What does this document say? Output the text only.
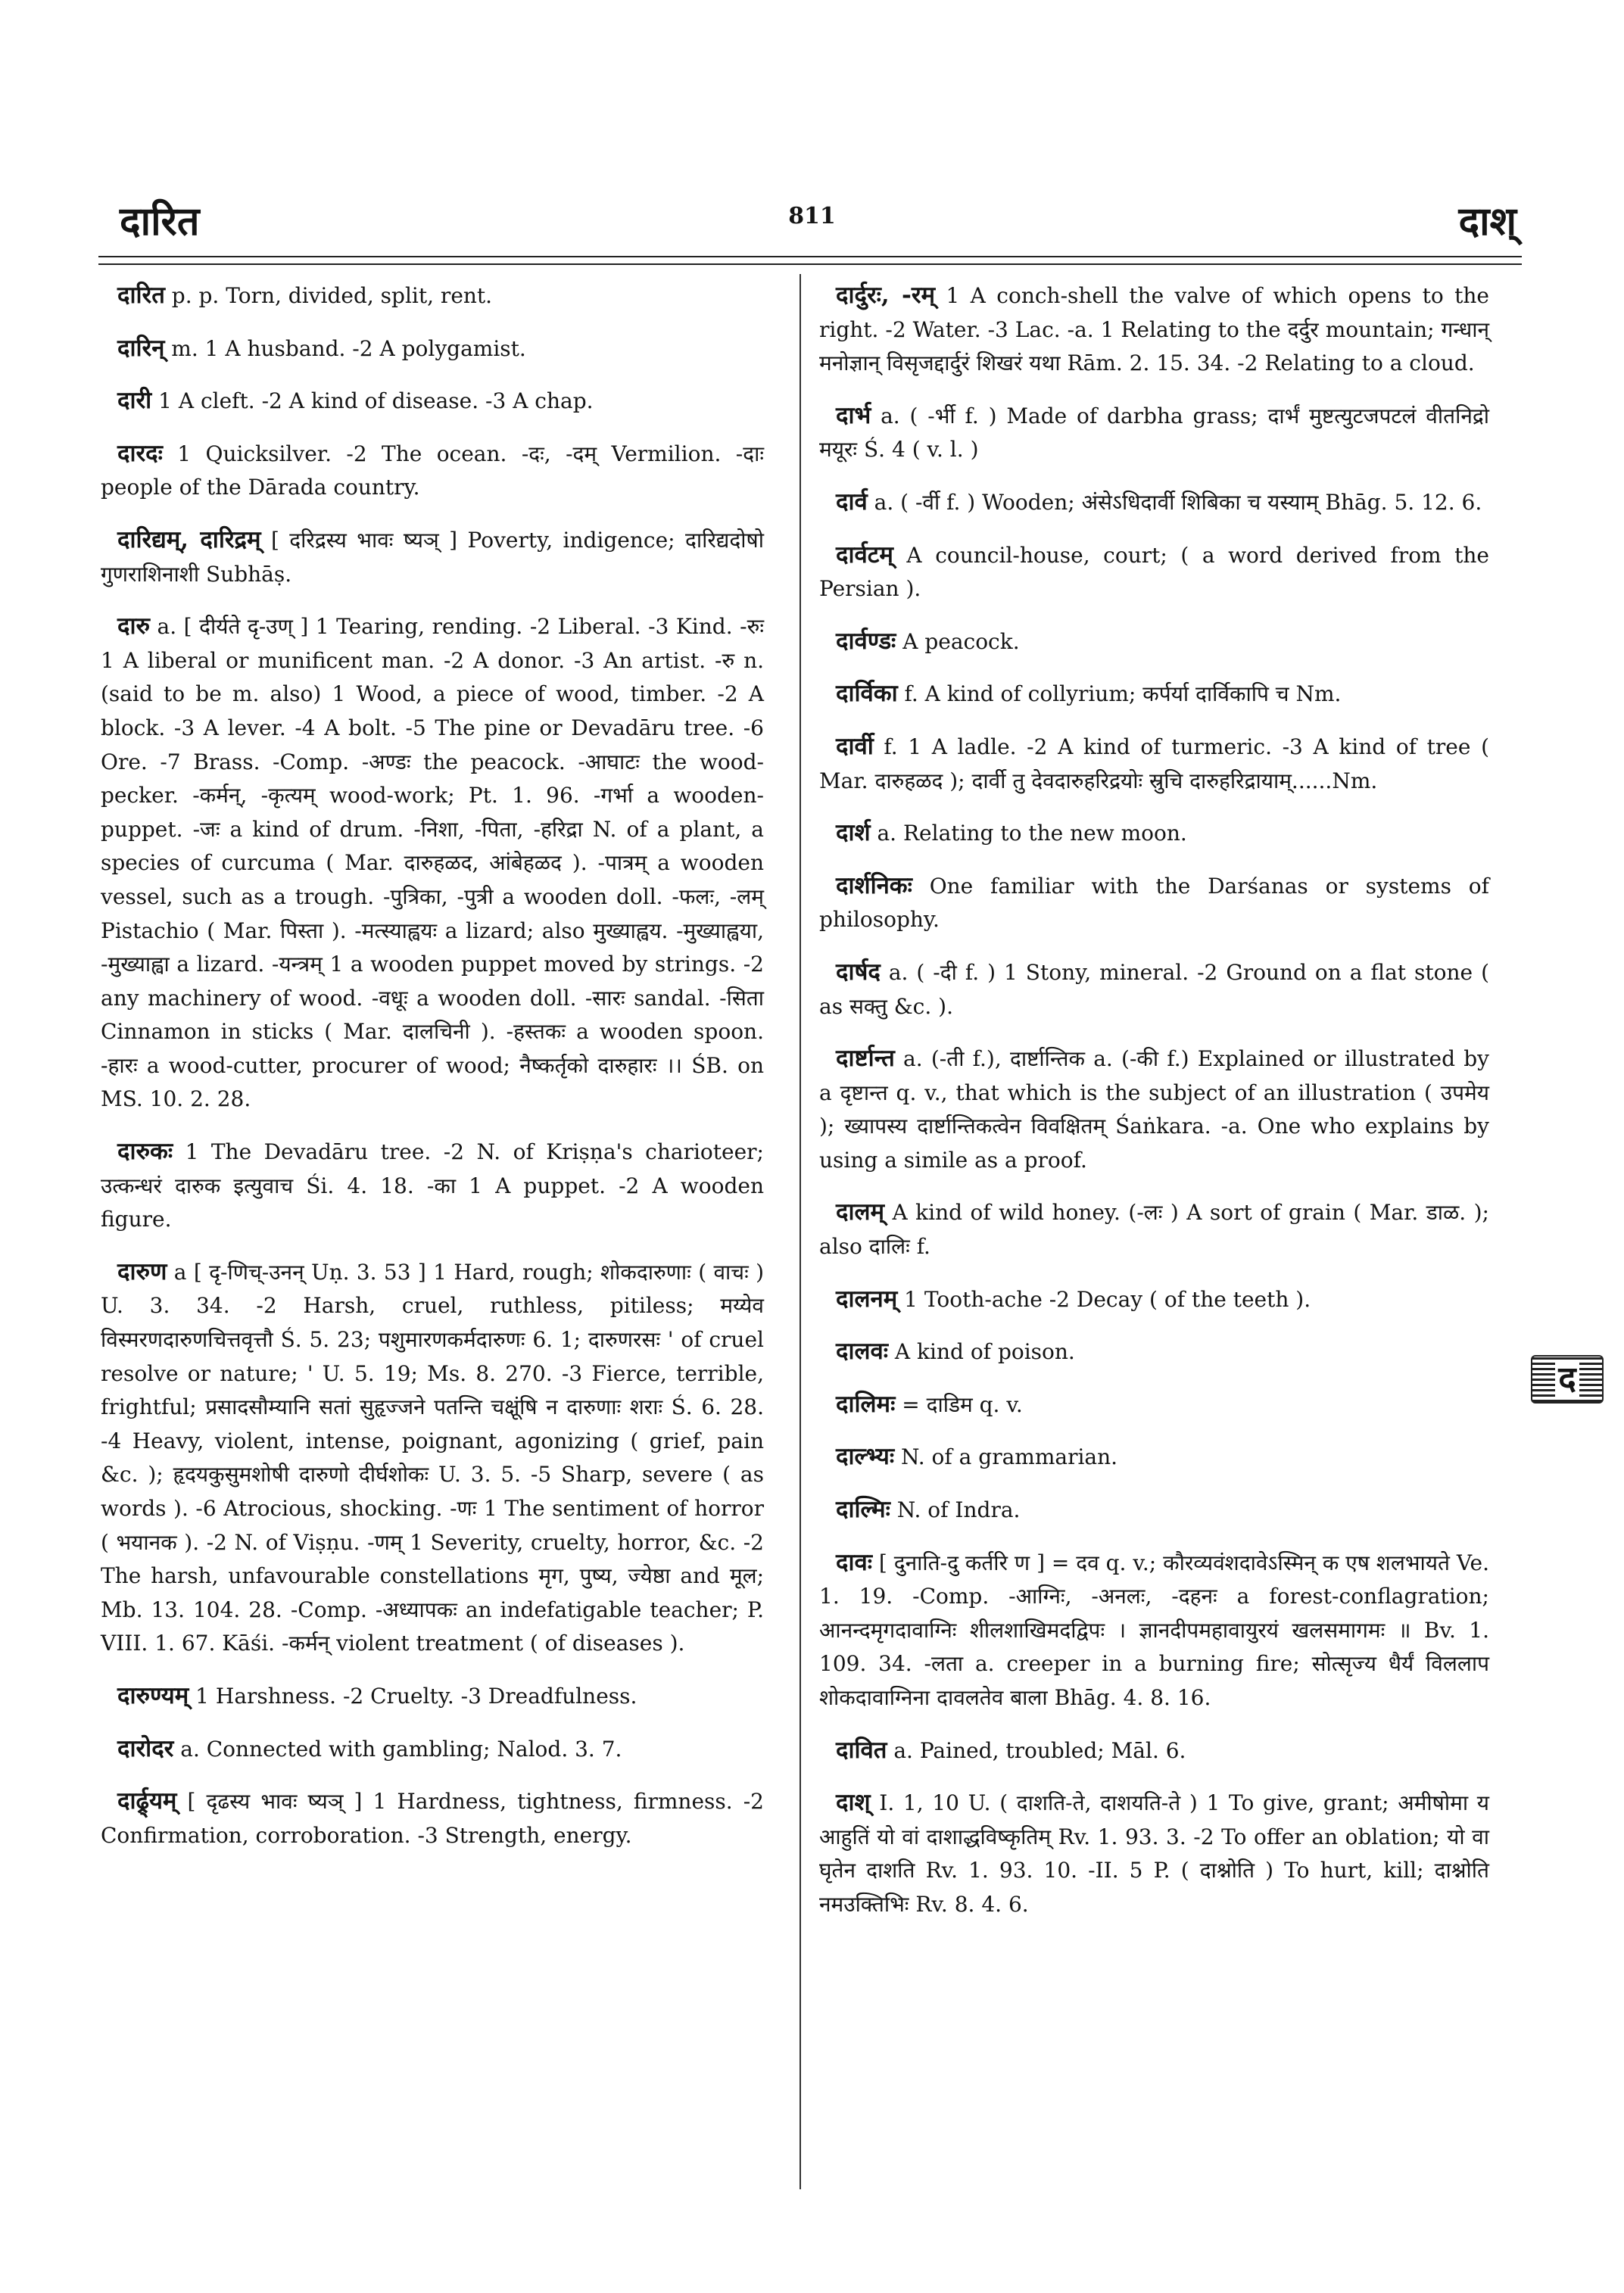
दारित	811	दाश्

दारित p. p. Torn, divided, split, rent.

दारिन् m. 1 A husband. -2 A polygamist.

दारी 1 A cleft. -2 A kind of disease. -3 A chap.

दारदः 1 Quicksilver. -2 The ocean. -दः, -दम् Vermilion. -दाः people of the Dārada country.

दारिद्यम्, दारिद्रम् [ दरिद्रस्य भावः ष्यञ् ] Poverty, indigence; दारिद्यदोषो गुणराशिनाशी Subhāṣ.

दारु a. [ दीर्यते दृ-उण् ] 1 Tearing, rending. -2 Liberal. -3 Kind. -रुः 1 A liberal or munificent man. -2 A donor. -3 An artist. -रु n. (said to be m. also) 1 Wood, a piece of wood, timber. -2 A block. -3 A lever. -4 A bolt. -5 The pine or Devadāru tree. -6 Ore. -7 Brass. -Comp. -अण्डः the peacock. -आघाटः the wood-pecker. -कर्मन्, -कृत्यम् wood-work; Pt. 1. 96. -गर्भा a wooden-puppet. -जः a kind of drum. -निशा, -पिता, -हरिद्रा N. of a plant, a species of curcuma ( Mar. दारुहळद, आंबेहळद ). -पात्रम् a wooden vessel, such as a trough. -पुत्रिका, -पुत्री a wooden doll. -फलः, -लम् Pistachio ( Mar. पिस्ता ). -मत्स्याह्वयः a lizard; also मुख्याह्वय. -मुख्याह्वया, -मुख्याह्वा a lizard. -यन्त्रम् 1 a wooden puppet moved by strings. -2 any machinery of wood. -वधूः a wooden doll. -सारः sandal. -सिता Cinnamon in sticks ( Mar. दालचिनी ). -हस्तकः a wooden spoon. -हारः a wood-cutter, procurer of wood; नैष्कर्तृको दारुहारः ।। ŚB. on MS. 10. 2. 28.

दारुकः 1 The Devadāru tree. -2 N. of Kriṣṇa's charioteer; उत्कन्धरं दारुक इत्युवाच Śi. 4. 18. -का 1 A puppet. -2 A wooden figure.

दारुण a [ दृ-णिच्-उनन् Uṇ. 3. 53 ] 1 Hard, rough; शोकदारुणाः ( वाचः ) U. 3. 34. -2 Harsh, cruel, ruthless, pitiless; मय्येव विस्मरणदारुणचित्तवृत्तौ Ś. 5. 23; पशुमारणकर्मदारुणः 6. 1; दारुणरसः ' of cruel resolve or nature; ' U. 5. 19; Ms. 8. 270. -3 Fierce, terrible, frightful; प्रसादसौम्यानि सतां सुहृज्जने पतन्ति चक्षूंषि न दारुणाः शराः Ś. 6. 28. -4 Heavy, violent, intense, poignant, agonizing ( grief, pain &c. ); हृदयकुसुमशोषी दारुणो दीर्घशोकः U. 3. 5. -5 Sharp, severe ( as words ). -6 Atrocious, shocking. -णः 1 The sentiment of horror ( भयानक ). -2 N. of Viṣṇu. -णम् 1 Severity, cruelty, horror, &c. -2 The harsh, unfavourable constellations मृग, पुष्य, ज्येष्ठा and मूल; Mb. 13. 104. 28. -Comp. -अध्यापकः an indefatigable teacher; P. VIII. 1. 67. Kāśi. -कर्मन् violent treatment ( of diseases ).

दारुण्यम् 1 Harshness. -2 Cruelty. -3 Dreadfulness.

दारोदर a. Connected with gambling; Nalod. 3. 7.

दार्ढ्र्यम् [ दृढस्य भावः ष्यञ् ] 1 Hardness, tightness, firmness. -2 Confirmation, corroboration. -3 Strength, energy.

दार्दुरः, -रम् 1 A conch-shell the valve of which opens to the right. -2 Water. -3 Lac. -a. 1 Relating to the दर्दुर mountain; गन्धान् मनोज्ञान् विसृजद्दार्दुरं शिखरं यथा Rām. 2. 15. 34. -2 Relating to a cloud.

दार्भ a. ( -र्भी f. ) Made of darbha grass; दार्भं मुष्टत्युटजपटलं वीतनिद्रो मयूरः Ś. 4 ( v. l. )

दार्व a. ( -र्वी f. ) Wooden; अंसेऽधिदार्वी शिबिका च यस्याम् Bhāg. 5. 12. 6.

दार्वटम् A council-house, court; ( a word derived from the Persian ).

दार्वण्डः A peacock.

दार्विका f. A kind of collyrium; कर्पर्या दार्विकापि च Nm.

दार्वी f. 1 A ladle. -2 A kind of turmeric. -3 A kind of tree ( Mar. दारुहळद ); दार्वी तु देवदारुहरिद्रयोः स्रुचि दारुहरिद्रायाम्......Nm.

दार्श a. Relating to the new moon.

दार्शनिकः One familiar with the Darśanas or systems of philosophy.

दार्षद a. ( -दी f. ) 1 Stony, mineral. -2 Ground on a flat stone ( as सक्तु &c. ).

दार्ष्टान्त a. (-ती f.), दार्ष्टान्तिक a. (-की f.) Explained or illustrated by a दृष्टान्त q. v., that which is the subject of an illustration ( उपमेय ); ख्यापस्य दार्ष्टान्तिकत्वेन विवक्षितम् Śaṅkara. -a. One who explains by using a simile as a proof.

दालम् A kind of wild honey. (-लः ) A sort of grain ( Mar. डाळ. ); also दालिः f.

दालनम् 1 Tooth-ache -2 Decay ( of the teeth ).

दालवः A kind of poison.

दालिमः = दाडिम q. v.

दाल्भ्यः N. of a grammarian.

दाल्मिः N. of Indra.

दावः [ दुनाति-दु कर्तरि ण ] = दव q. v.; कौरव्यवंशदावेऽस्मिन् क एष शलभायते Ve. 1. 19. -Comp. -आग्निः, -अनलः, -दहनः a forest-conflagration; आनन्दमृगदावाग्निः शीलशाखिमदद्विपः । ज्ञानदीपमहावायुरयं खलसमागमः ॥ Bv. 1. 109. 34. -लता a. creeper in a burning fire; सोत्सृज्य धैर्यं विललाप शोकदावाग्निना दावलतेव बाला Bhāg. 4. 8. 16.

दावित a. Pained, troubled; Māl. 6.

दाश् I. 1, 10 U. ( दाशति-ते, दाशयति-ते ) 1 To give, grant; अमीषोमा य आहुतिं यो वां दाशाद्धविष्कृतिम् Rv. 1. 93. 3. -2 To offer an oblation; यो वा घृतेन दाशति Rv. 1. 93. 10. -II. 5 P. ( दाश्नोति ) To hurt, kill; दाश्नोति नमउक्तिभिः Rv. 8. 4. 6.

द
